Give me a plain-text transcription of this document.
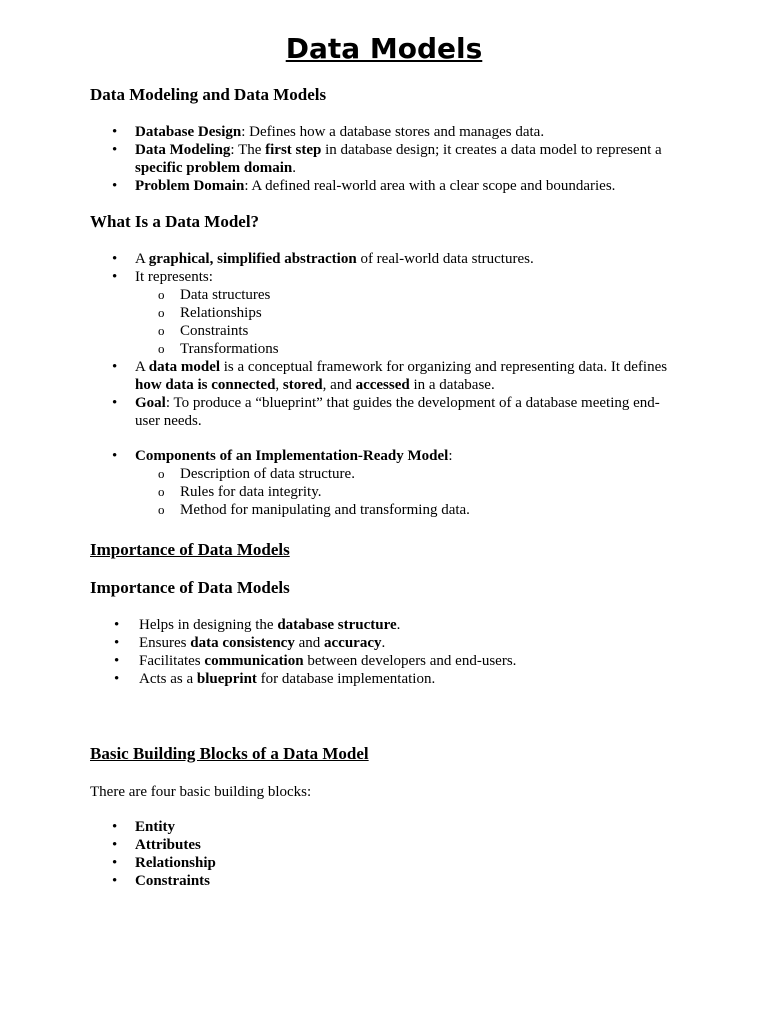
Data Models
Data Modeling and Data Models
• Database Design: Defines how a database stores and manages data.
• Data Modeling: The first step in database design; it creates a data model to represent a specific problem domain.
• Problem Domain: A defined real-world area with a clear scope and boundaries.
What Is a Data Model?
• A graphical, simplified abstraction of real-world data structures.
• It represents:
o Data structures
o Relationships
o Constraints
o Transformations
• A data model is a conceptual framework for organizing and representing data. It defines how data is connected, stored, and accessed in a database.
• Goal: To produce a “blueprint” that guides the development of a database meeting end-user needs.
• Components of an Implementation-Ready Model:
o Description of data structure.
o Rules for data integrity.
o Method for manipulating and transforming data.
Importance of Data Models
Importance of Data Models
• Helps in designing the database structure.
• Ensures data consistency and accuracy.
• Facilitates communication between developers and end-users.
• Acts as a blueprint for database implementation.
Basic Building Blocks of a Data Model
There are four basic building blocks:
• Entity
• Attributes
• Relationship
• Constraints
